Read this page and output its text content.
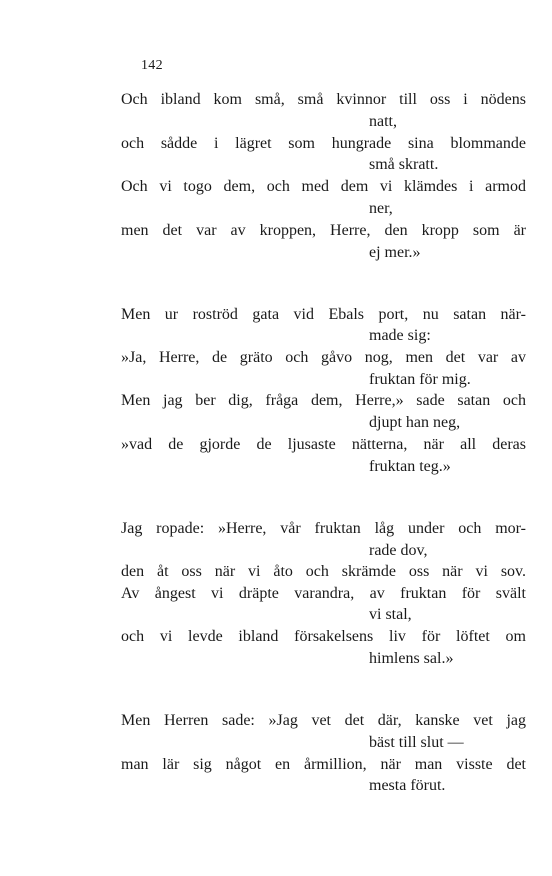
142
Och ibland kom små, små kvinnor till oss i nödens
natt,
och sådde i lägret som hungrade sina blommande
små skratt.
Och vi togo dem, och med dem vi klämdes i armod
ner,
men det var av kroppen, Herre, den kropp som är
ej mer.»
Men ur roströd gata vid Ebals port, nu satan när-
made sig:
»Ja, Herre, de gräto och gåvo nog, men det var av
fruktan för mig.
Men jag ber dig, fråga dem, Herre,» sade satan och
djupt han neg,
»vad de gjorde de ljusaste nätterna, när all deras
fruktan teg.»
Jag ropade: »Herre, vår fruktan låg under och mor-
rade dov,
den åt oss när vi åto och skrämde oss när vi sov.
Av ångest vi dräpte varandra, av fruktan för svält
vi stal,
och vi levde ibland försakelsens liv för löftet om
himlens sal.»
Men Herren sade: »Jag vet det där, kanske vet jag
bäst till slut —
man lär sig något en årmillion, när man visste det
mesta förut.
